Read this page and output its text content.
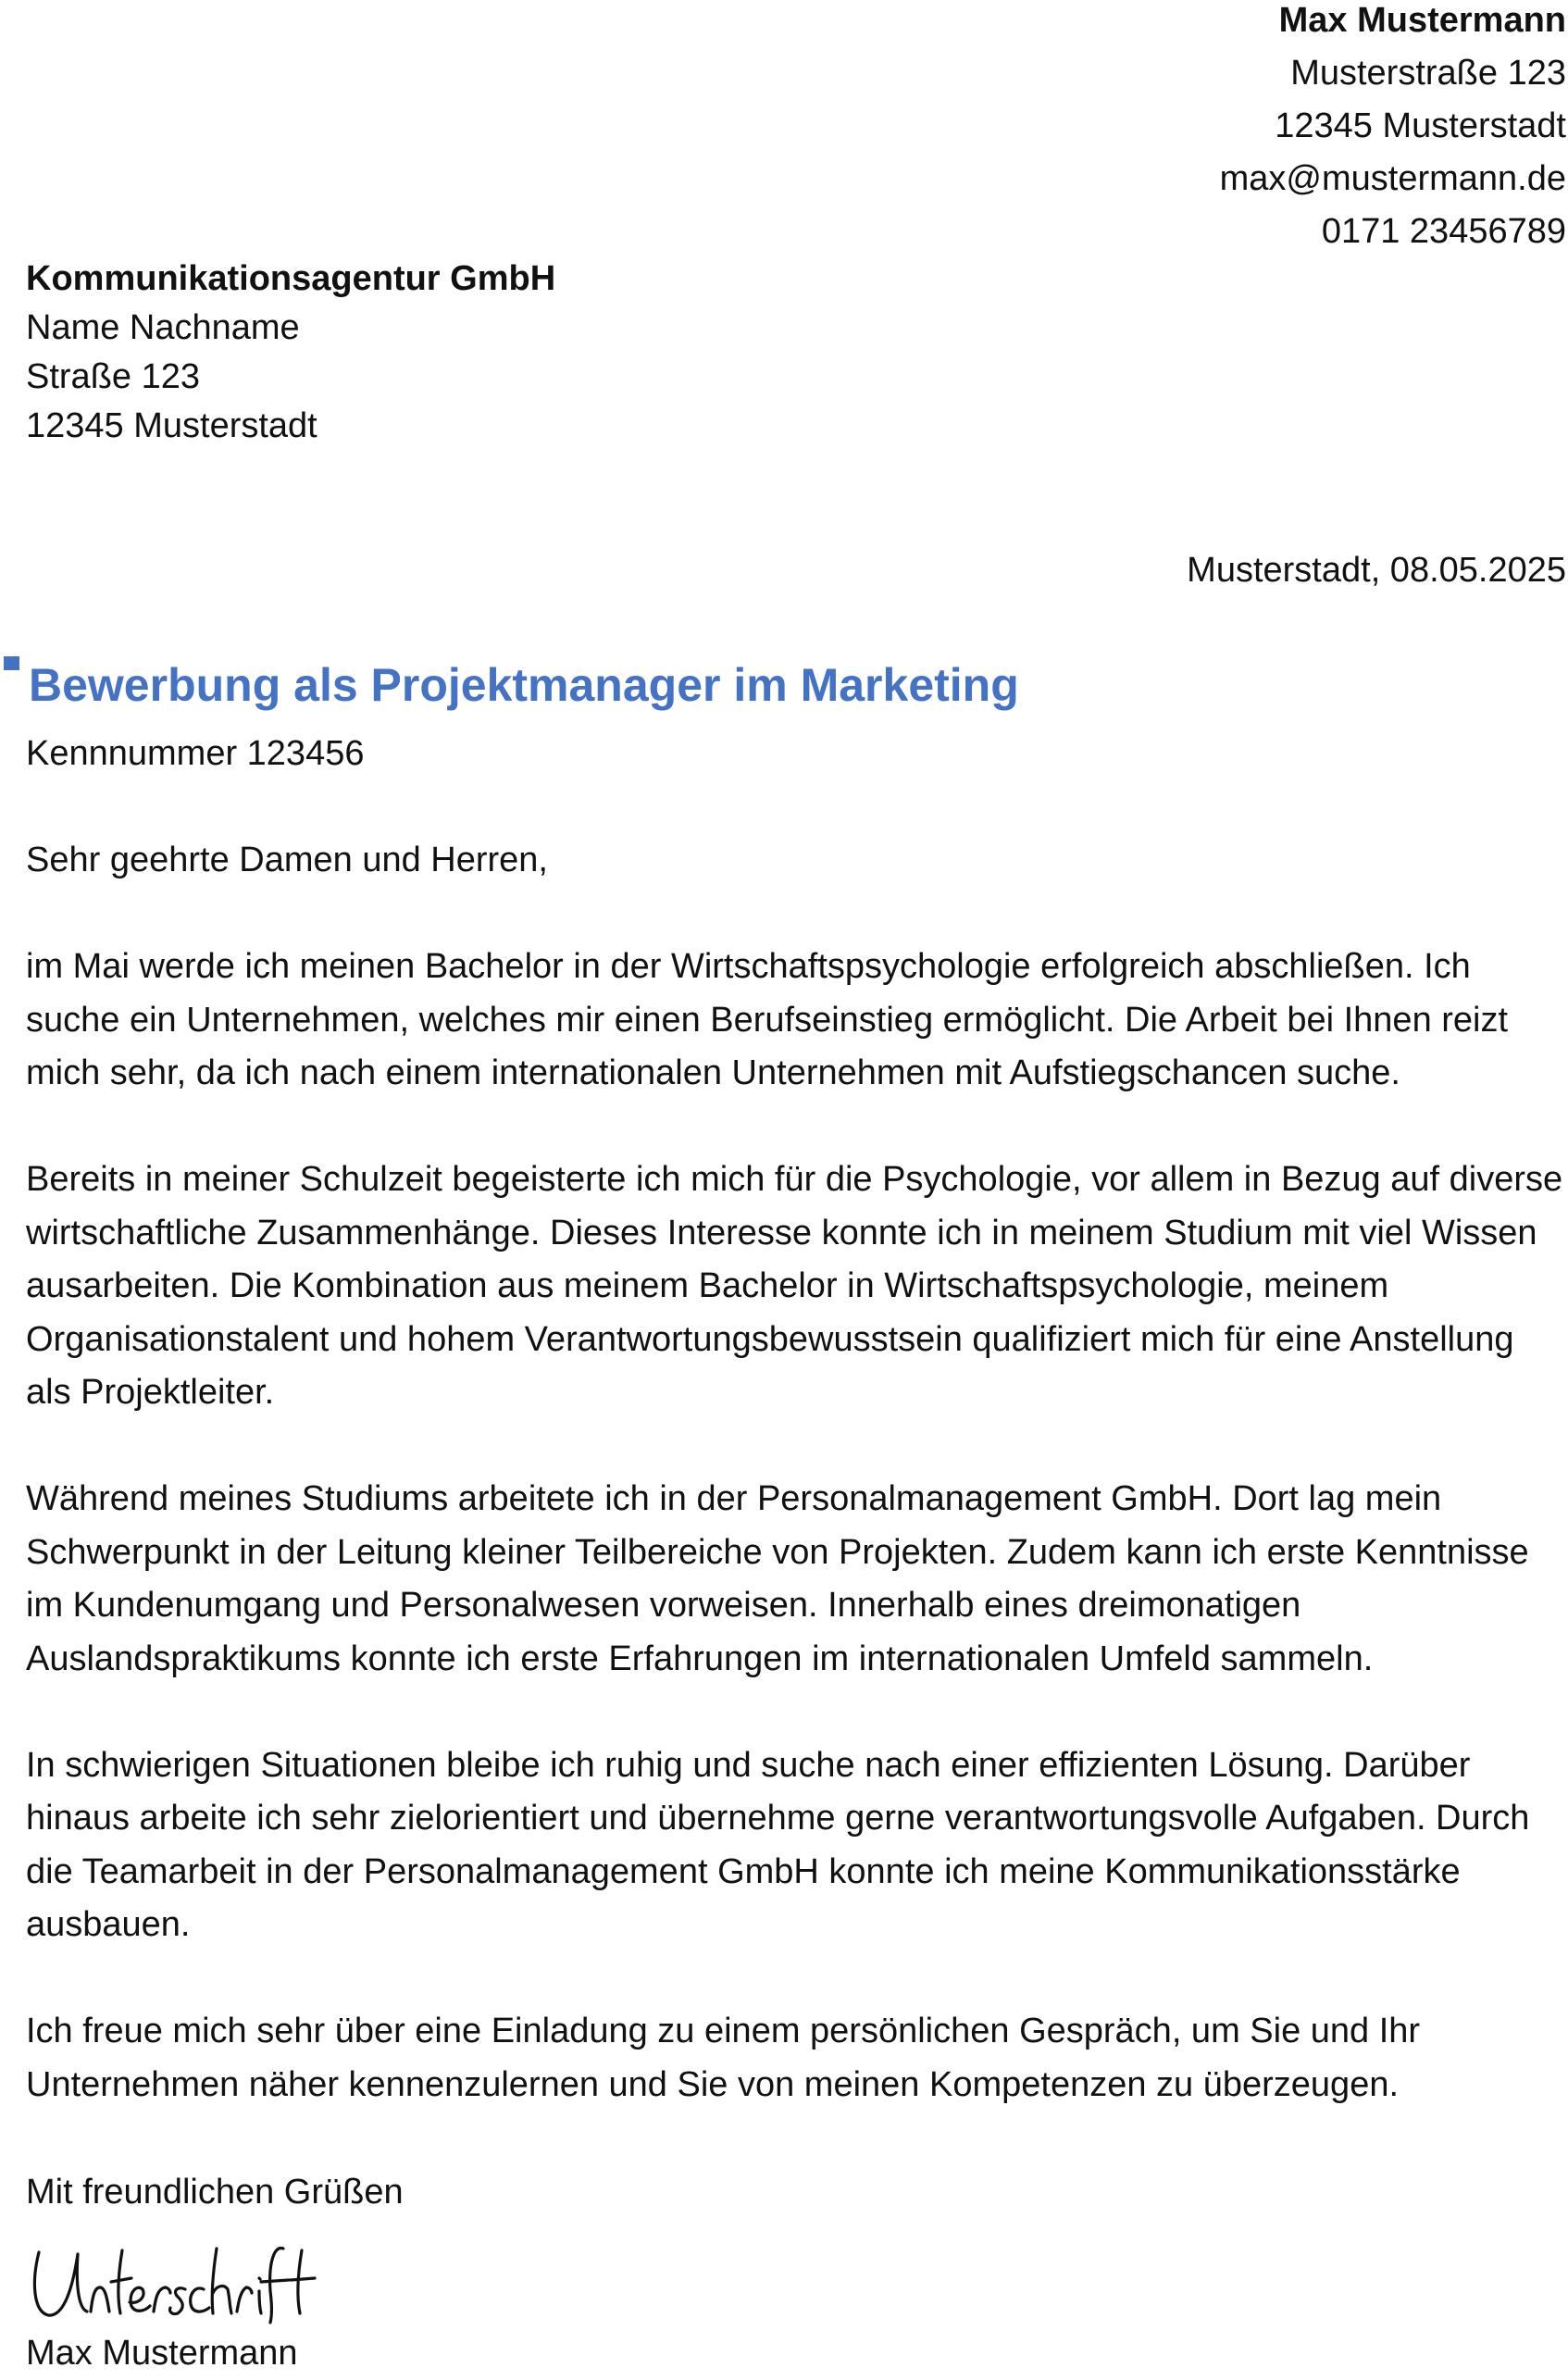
Max Mustermann
Musterstraße 123
12345 Musterstadt
max@mustermann.de
0171 23456789
Kommunikationsagentur GmbH
Name Nachname
Straße 123
12345 Musterstadt
Musterstadt, 08.05.2025
Bewerbung als Projektmanager im Marketing
Kennnummer 123456

Sehr geehrte Damen und Herren,

im Mai werde ich meinen Bachelor in der Wirtschaftspsychologie erfolgreich abschließen. Ich suche ein Unternehmen, welches mir einen Berufseinstieg ermöglicht. Die Arbeit bei Ihnen reizt mich sehr, da ich nach einem internationalen Unternehmen mit Aufstiegschancen suche.

Bereits in meiner Schulzeit begeisterte ich mich für die Psychologie, vor allem in Bezug auf diverse wirtschaftliche Zusammenhänge. Dieses Interesse konnte ich in meinem Studium mit viel Wissen ausarbeiten. Die Kombination aus meinem Bachelor in Wirtschaftspsychologie, meinem Organisationstalent und hohem Verantwortungsbewusstsein qualifiziert mich für eine Anstellung als Projektleiter.

Während meines Studiums arbeitete ich in der Personalmanagement GmbH. Dort lag mein Schwerpunkt in der Leitung kleiner Teilbereiche von Projekten. Zudem kann ich erste Kenntnisse im Kundenumgang und Personalwesen vorweisen. Innerhalb eines dreimonatigen Auslandspraktikums konnte ich erste Erfahrungen im internationalen Umfeld sammeln.

In schwierigen Situationen bleibe ich ruhig und suche nach einer effizienten Lösung. Darüber hinaus arbeite ich sehr zielorientiert und übernehme gerne verantwortungsvolle Aufgaben. Durch die Teamarbeit in der Personalmanagement GmbH konnte ich meine Kommunikationsstärke ausbauen.

Ich freue mich sehr über eine Einladung zu einem persönlichen Gespräch, um Sie und Ihr Unternehmen näher kennenzulernen und Sie von meinen Kompetenzen zu überzeugen.

Mit freundlichen Grüßen
Max Mustermann
